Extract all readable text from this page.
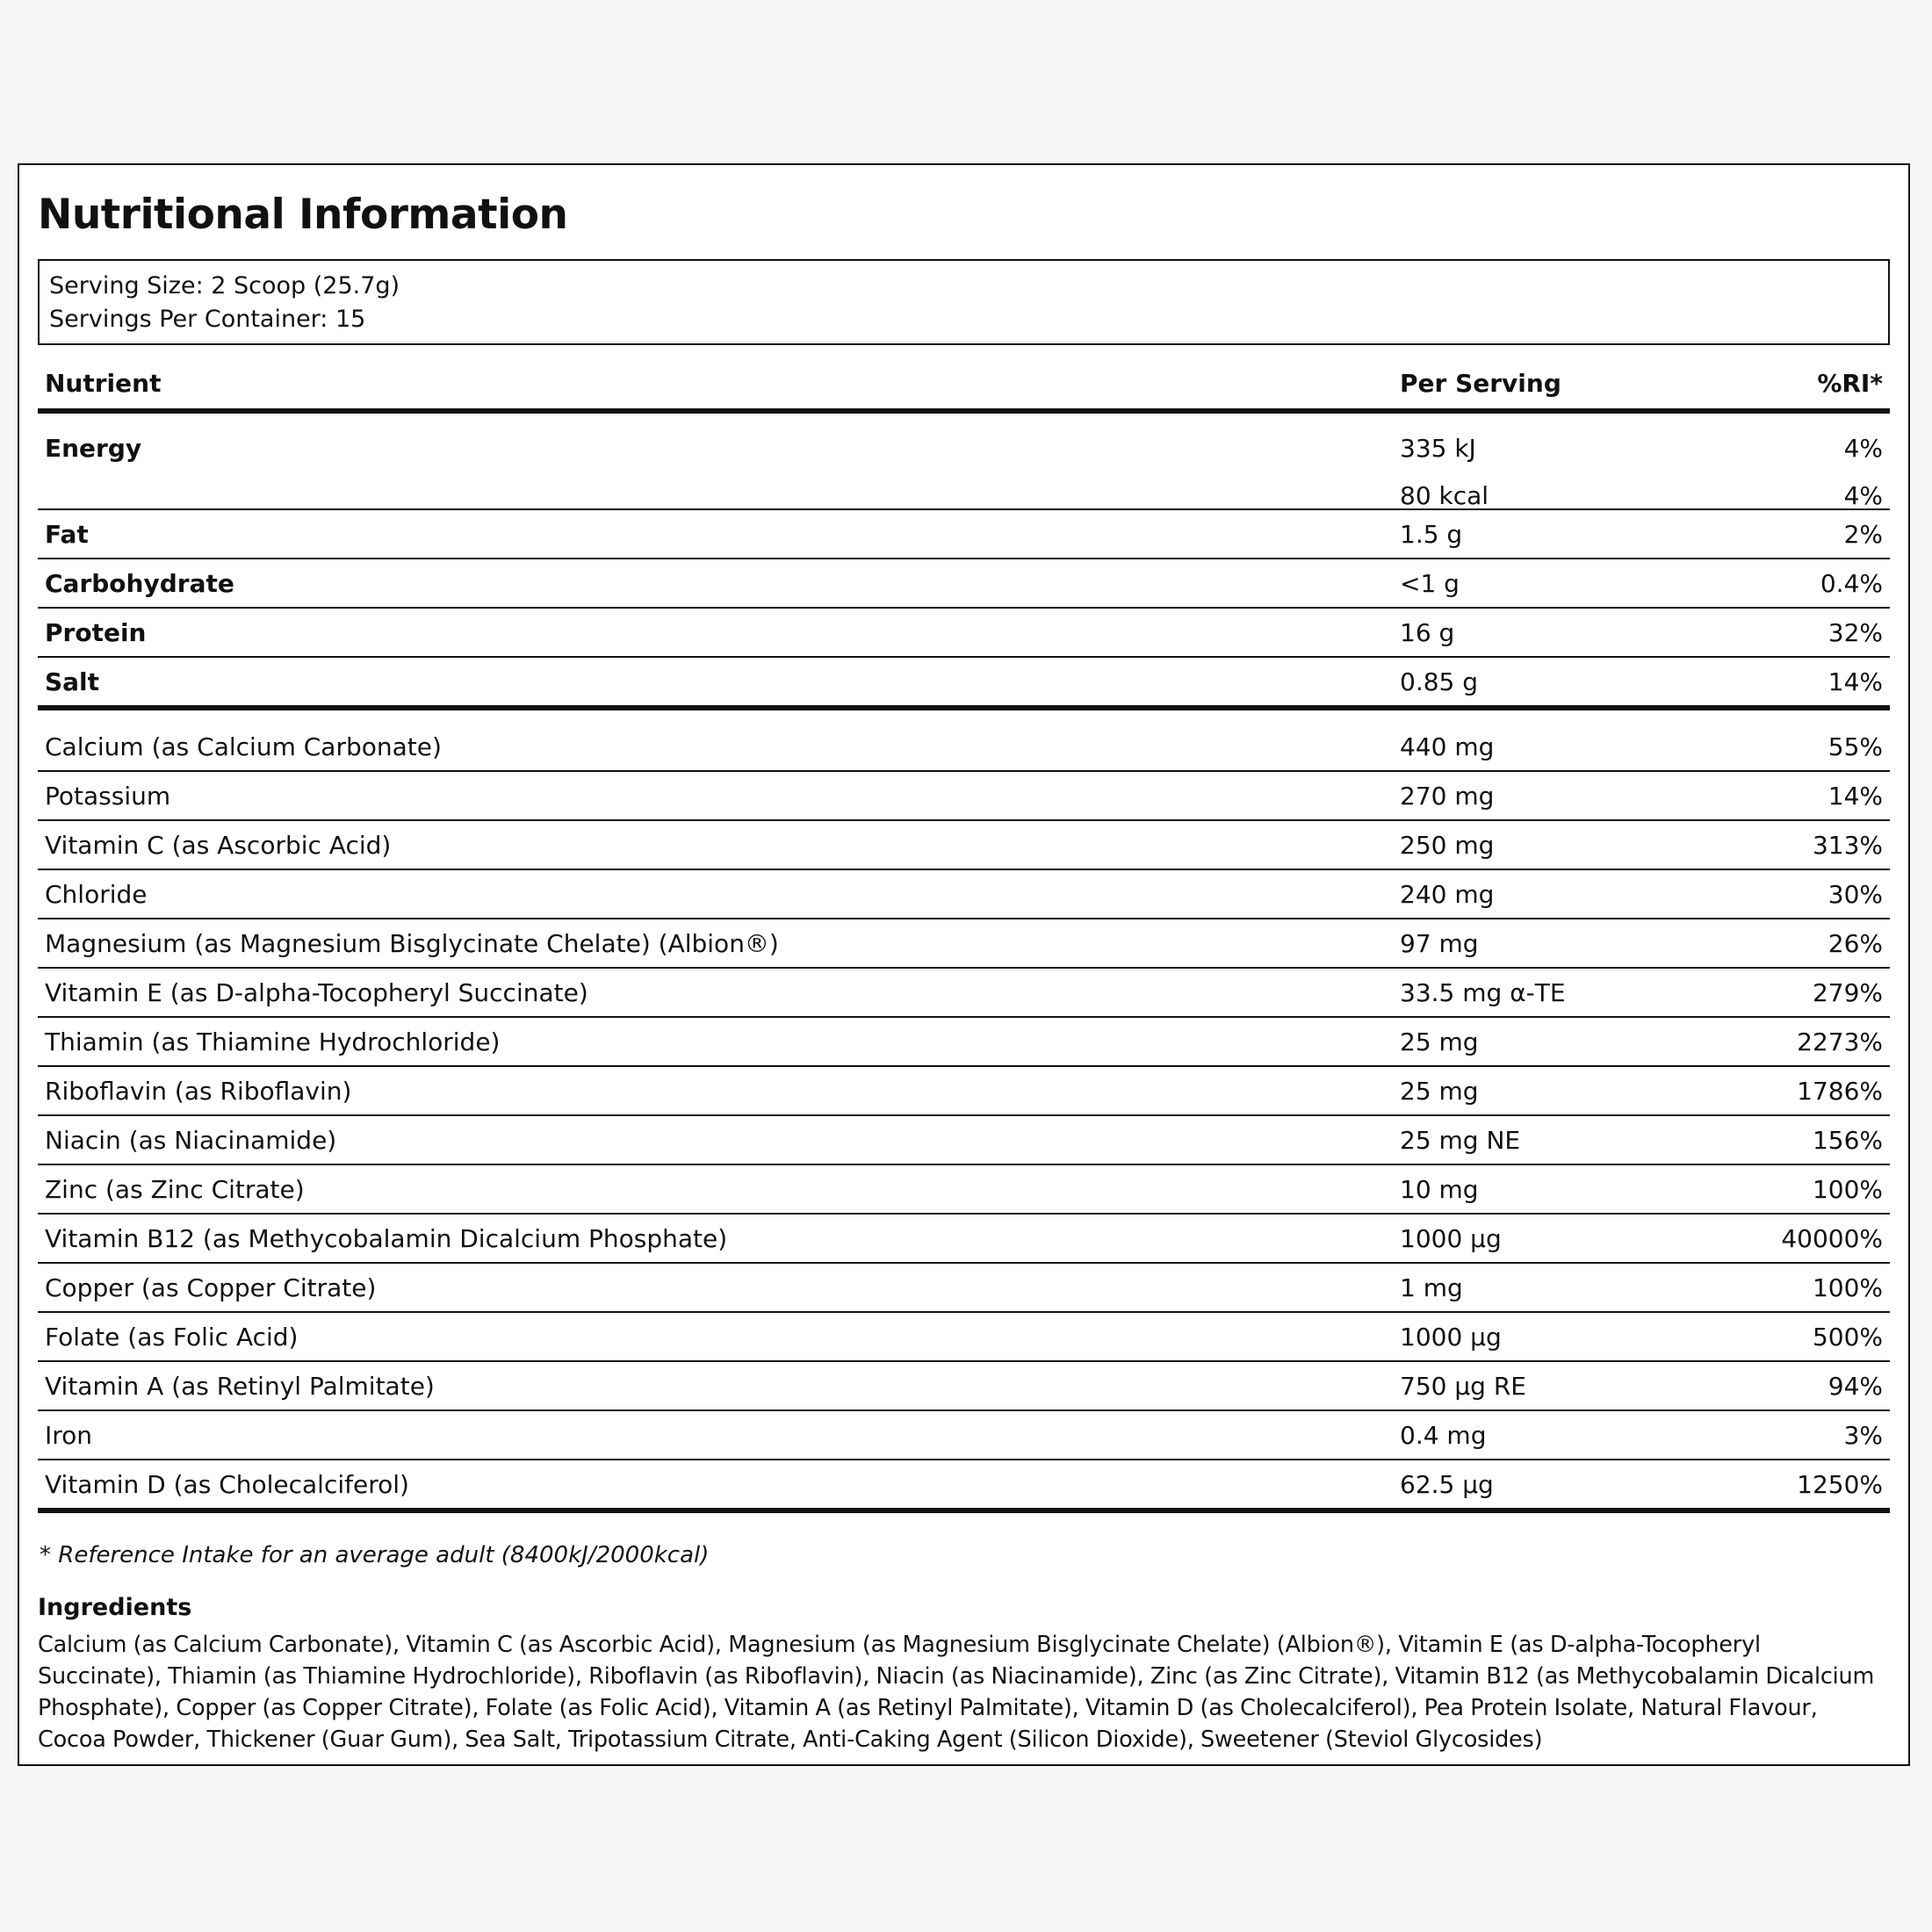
Nutritional Information
Serving Size: 2 Scoop (25.7g)
Servings Per Container: 15
Nutrient	Per Serving	%RI*
Energy	335 kJ	4%
80 kcal	4%
Fat	1.5 g	2%
Carbohydrate	<1 g	0.4%
Protein	16 g	32%
Salt	0.85 g	14%
Calcium (as Calcium Carbonate)	440 mg	55%
Potassium	270 mg	14%
Vitamin C (as Ascorbic Acid)	250 mg	313%
Chloride	240 mg	30%
Magnesium (as Magnesium Bisglycinate Chelate) (Albion®)	97 mg	26%
Vitamin E (as D-alpha-Tocopheryl Succinate)	33.5 mg α-TE	279%
Thiamin (as Thiamine Hydrochloride)	25 mg	2273%
Riboflavin (as Riboflavin)	25 mg	1786%
Niacin (as Niacinamide)	25 mg NE	156%
Zinc (as Zinc Citrate)	10 mg	100%
Vitamin B12 (as Methycobalamin Dicalcium Phosphate)	1000 μg	40000%
Copper (as Copper Citrate)	1 mg	100%
Folate (as Folic Acid)	1000 μg	500%
Vitamin A (as Retinyl Palmitate)	750 μg RE	94%
Iron	0.4 mg	3%
Vitamin D (as Cholecalciferol)	62.5 μg	1250%
* Reference Intake for an average adult (8400kJ/2000kcal)
Ingredients
Calcium (as Calcium Carbonate), Vitamin C (as Ascorbic Acid), Magnesium (as Magnesium Bisglycinate Chelate) (Albion®), Vitamin E (as D-alpha-Tocopheryl Succinate), Thiamin (as Thiamine Hydrochloride), Riboflavin (as Riboflavin), Niacin (as Niacinamide), Zinc (as Zinc Citrate), Vitamin B12 (as Methycobalamin Dicalcium Phosphate), Copper (as Copper Citrate), Folate (as Folic Acid), Vitamin A (as Retinyl Palmitate), Vitamin D (as Cholecalciferol), Pea Protein Isolate, Natural Flavour, Cocoa Powder, Thickener (Guar Gum), Sea Salt, Tripotassium Citrate, Anti-Caking Agent (Silicon Dioxide), Sweetener (Steviol Glycosides)
